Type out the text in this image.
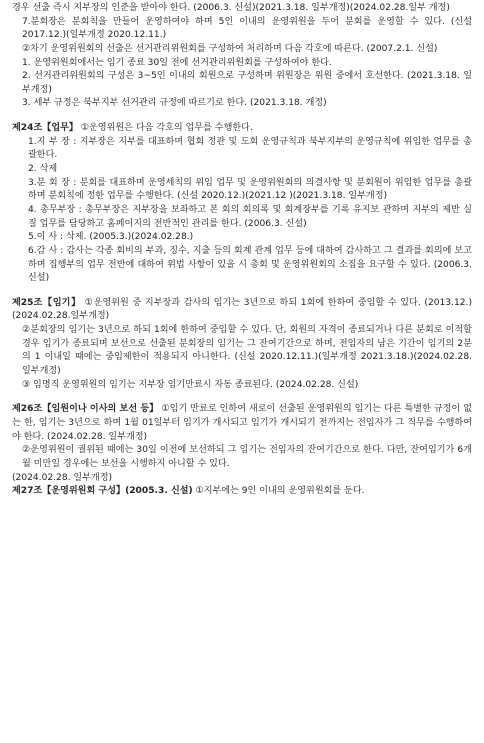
경우 선출 즉시 지부장의 인준을 받아야 한다. (2006.3. 신설)(2021.3.18. 일부개정)(2024.02.28.일부 개정)

7.분회장은 분회칙을 만들어 운영하여야 하며 5인 이내의 운영위원을 두어 분회를 운영할 수 있다. (신설 2017.12.)(일부개정 2020.12.11.)

②차기 운영위원회의 선출은 선거관리위원회를 구성하여 처리하며 다음 각호에 따른다. (2007.2.1. 신설)

1. 운영위원회에서는 임기 종료 30일 전에 선거관리위원회를 구성하여야 한다.

2. 선거관리위원회의 구성은 3~5인 이내의 회원으로 구성하며 위원장은 위원 중에서 호선한다. (2021.3.18. 일부개정)

3. 세부 규정은 북부지부 선거관리 규정에 따르기로 한다. (2021.3.18. 개정)

제24조【업무】 ①운영위원은 다음 각호의 업무를 수행한다.

1.지 부 장 : 지부장은 지부를 대표하며 협회 정관 및 도회 운영규칙과 북부지부의 운영규칙에 위임한 업무를 총괄한다.

2. 삭제

3.분 회 장 : 분회를 대표하며 운영세칙의 위임 업무 및 운영위원회의 의결사항 및 분회원이 위임한 업무를 총괄하며 분회칙에 정한 업무를 수행한다. (신설 2020.12.)(2021.12 )(2021.3.18. 일부개정)

4. 총무부장 : 총무부장은 지부장을 보좌하고 본 회의 회의록 및 회계장부를 기록 유지보 관하며 지부의 제반 실질 업무를 담당하고 홈페이지의 전반적인 관리를 한다. (2006.3. 신설)

5.이 사 : 삭제. (2005.3.)(2024.02.28.)

6.감 사 : 감사는 각종 회비의 부과, 징수, 지출 등의 회계 관계 업무 등에 대하여 감사하고 그 결과를 회의에 보고하며 집행부의 업무 전반에 대하여 위법 사항이 있을 시 총회 및 운영위원회의 소집을 요구할 수 있다. (2006.3. 신설)

제25조【임기】 ①운영위원 중 지부장과 감사의 임기는 3년으로 하되 1회에 한하여 중임할 수 있다. (2013.12.)(2024.02.28.일부개정)

②분회장의 임기는 3년으로 하되 1회에 한하여 중임할 수 있다. 단, 회원의 자격이 종료되거나 다른 분회로 이적할 경우 임기가 종료되며 보선으로 선출된 분회장의 임기는 그 잔여기간으로 하며, 전임자의 남은 기간이 임기의 2분의 1 이내일 때에는 중임제한이 적용되지 아니한다. (신설 2020.12.11.)(일부개정 2021.3.18.)(2024.02.28. 일부개정)

③ 임명직 운영위원의 임기는 지부장 임기만료시 자동 종료된다. (2024.02.28. 신설)

제26조【임원이나 이사의 보선 등】 ①임기 만료로 인하여 새로이 선출된 운영위원의 임기는 다른 특별한 규정이 없는 한, 임기는 3년으로 하며 1월 01일부터 임기가 개시되고 임기가 개시되기 전까지는 전임자가 그 직무를 수행하여야 한다. (2024.02.28. 일부개정)

②운영위원이 궐위된 때에는 30일 이전에 보선하되 그 임기는 전임자의 잔여기간으로 한다. 다만, 잔여임기가 6개월 미만일 경우에는 보선을 시행하지 아니할 수 있다.

(2024.02.28. 일부개정)

제27조【운영위원회 구성】(2005.3. 신설) ①지부에는 9인 이내의 운영위원회를 둔다.
